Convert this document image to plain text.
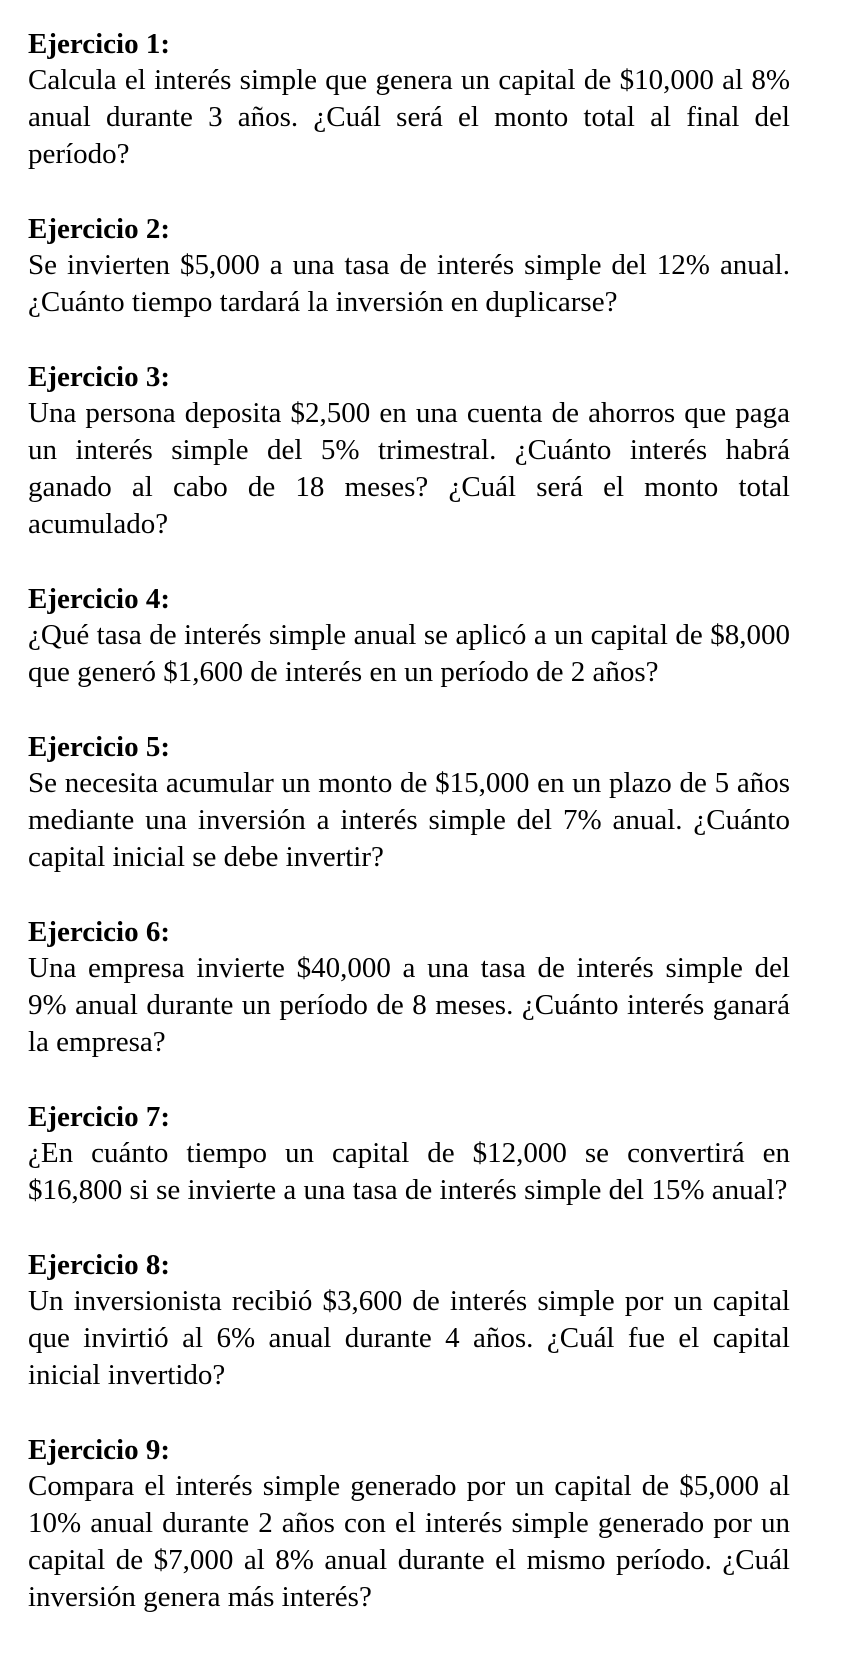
Ejercicio 1:

Calcula el interés simple que genera un capital de $10,000 al 8% anual durante 3 años. ¿Cuál será el monto total al final del período?

Ejercicio 2:

Se invierten $5,000 a una tasa de interés simple del 12% anual. ¿Cuánto tiempo tardará la inversión en duplicarse?

Ejercicio 3:

Una persona deposita $2,500 en una cuenta de ahorros que paga un interés simple del 5% trimestral. ¿Cuánto interés habrá ganado al cabo de 18 meses? ¿Cuál será el monto total acumulado?

Ejercicio 4:

¿Qué tasa de interés simple anual se aplicó a un capital de $8,000 que generó $1,600 de interés en un período de 2 años?

Ejercicio 5:

Se necesita acumular un monto de $15,000 en un plazo de 5 años mediante una inversión a interés simple del 7% anual. ¿Cuánto capital inicial se debe invertir?

Ejercicio 6:

Una empresa invierte $40,000 a una tasa de interés simple del 9% anual durante un período de 8 meses. ¿Cuánto interés ganará la empresa?

Ejercicio 7:

¿En cuánto tiempo un capital de $12,000 se convertirá en $16,800 si se invierte a una tasa de interés simple del 15% anual?

Ejercicio 8:

Un inversionista recibió $3,600 de interés simple por un capital que invirtió al 6% anual durante 4 años. ¿Cuál fue el capital inicial invertido?

Ejercicio 9:

Compara el interés simple generado por un capital de $5,000 al 10% anual durante 2 años con el interés simple generado por un capital de $7,000 al 8% anual durante el mismo período. ¿Cuál inversión genera más interés?
